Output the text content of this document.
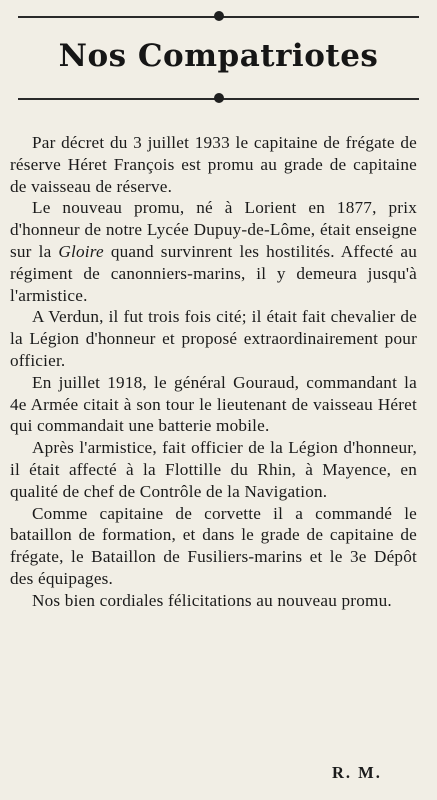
Nos Compatriotes

Par décret du 3 juillet 1933 le capitaine de frégate de réserve Héret François est promu au grade de capitaine de vaisseau de réserve.

Le nouveau promu, né à Lorient en 1877, prix d'honneur de notre Lycée Dupuy-de-Lôme, était enseigne sur la Gloire quand survinrent les hostilités. Affecté au régiment de canonniers-marins, il y demeura jusqu'à l'armistice.

A Verdun, il fut trois fois cité; il était fait chevalier de la Légion d'honneur et proposé extraordinairement pour officier.

En juillet 1918, le général Gouraud, commandant la 4e Armée citait à son tour le lieutenant de vaisseau Héret qui commandait une batterie mobile.

Après l'armistice, fait officier de la Légion d'honneur, il était affecté à la Flottille du Rhin, à Mayence, en qualité de chef de Contrôle de la Navigation.

Comme capitaine de corvette il a commandé le bataillon de formation, et dans le grade de capitaine de frégate, le Bataillon de Fusiliers-marins et le 3e Dépôt des équipages.

Nos bien cordiales félicitations au nouveau promu.

R. M.
